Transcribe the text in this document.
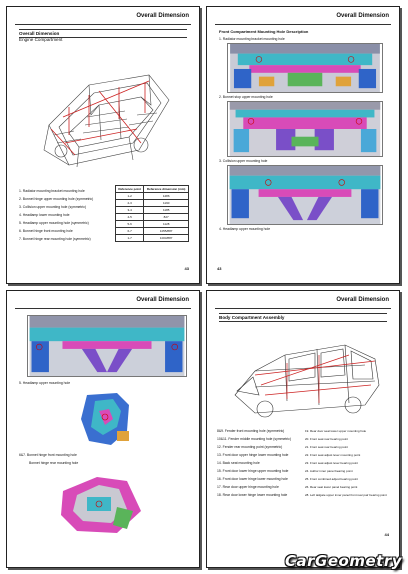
Overall Dimension
Overall Dimension
Engine Compartment
1. Radiator mounting bracket mounting hole
2. Bonnet hinge upper mounting hole (symmetric)
3. Collision upper mounting hole (symmetric)
4. Headlamp lower mounting hole
5. Headlamp upper mounting hole (symmetric)
6. Bonnet hinge front mounting hole
7. Bonnet hinge rear mounting hole (symmetric)
Reference point	Reference dimension (mm)
1-2	1286
2-3	1190
3-4	1185
4-5	827
5-6	1128
6-7	1055/887
1-7	1003/887
43
Overall Dimension
Front Compartment Mounting Hole Description
1. Radiator mounting bracket mounting hole
2. Bonnet stop upper mounting hole
3. Collision upper mounting hole
4. Headlamp upper mounting hole
43
Overall Dimension
5. Headlamp upper mounting hole
6&7. Bonnet hinge front mounting hole
Bonnet hinge rear mounting hole
Overall Dimension
Body Compartment Assembly
8&9. Fender front mounting hole (symmetric)
10&11. Fender middle mounting hole (symmetric)
12. Fender rear mounting point (symmetric)
13. Front door upper hinge lower mounting hole
14. Back seat mounting hole
15. Front door lower hinge upper mounting hole
16. Front door lower hinge lower mounting hole
17. Rear door upper hinge mounting hole
18. Rear door lower hinge lower mounting hole
19. Rear door seat lower upper mounting hole
20. Front seat rear bearing point
21. Front seat rear bearing point
22. Front seat adjust lever mounting point
23. Front seat adjust lever bearing point
24. Author inner panel bearing point
25. Front combined adjust bearing point
26. Rear seat lower panel bearing point
28. Left tailgate upper inner panel front rear pair bearing point
44
CarGeometry
